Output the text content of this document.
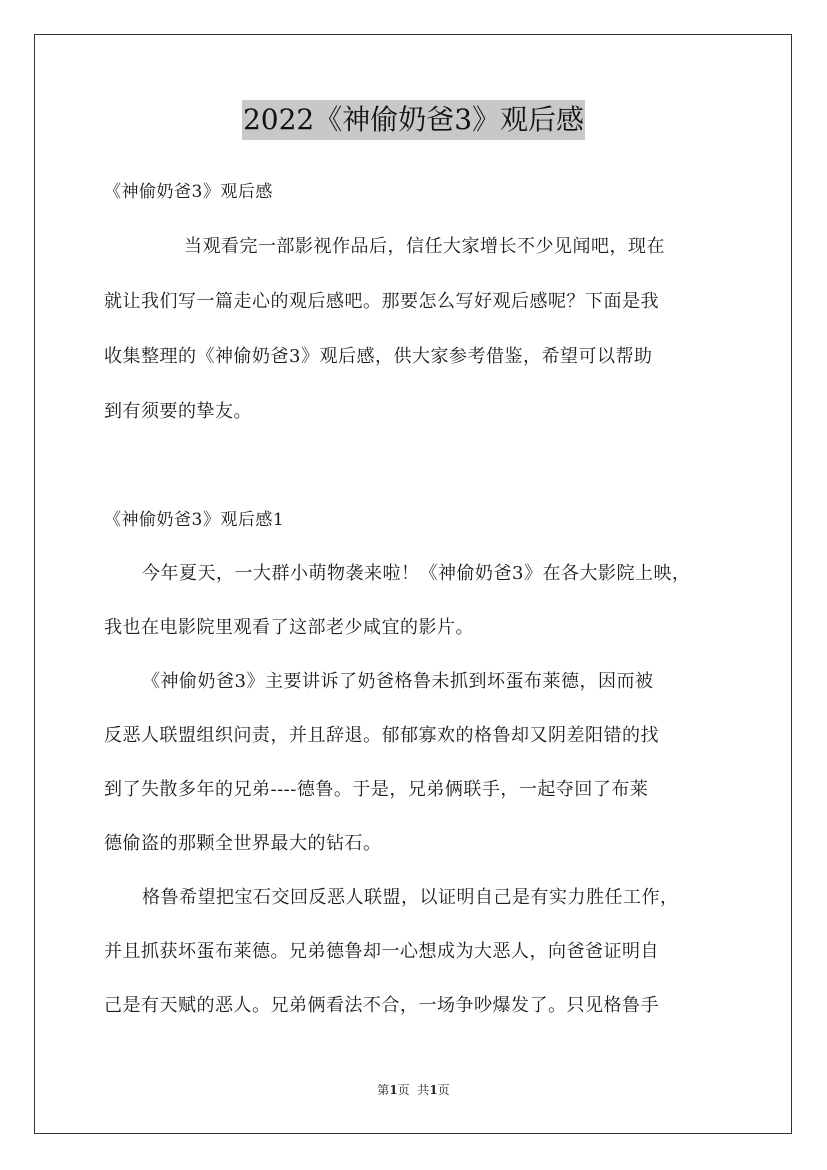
2022《神偷奶爸3》观后感
《神偷奶爸3》观后感
当观看完一部影视作品后，信任大家增长不少见闻吧，现在
就让我们写一篇走心的观后感吧。那要怎么写好观后感呢？下面是我
收集整理的《神偷奶爸3》观后感，供大家参考借鉴，希望可以帮助
到有须要的挚友。
《神偷奶爸3》观后感1
今年夏天，一大群小萌物袭来啦！《神偷奶爸3》在各大影院上映，
我也在电影院里观看了这部老少咸宜的影片。
《神偷奶爸3》主要讲诉了奶爸格鲁未抓到坏蛋布莱德，因而被
反恶人联盟组织问责，并且辞退。郁郁寡欢的格鲁却又阴差阳错的找
到了失散多年的兄弟----德鲁。于是，兄弟俩联手，一起夺回了布莱
德偷盗的那颗全世界最大的钻石。
格鲁希望把宝石交回反恶人联盟，以证明自己是有实力胜任工作，
并且抓获坏蛋布莱德。兄弟德鲁却一心想成为大恶人，向爸爸证明自
己是有天赋的恶人。兄弟俩看法不合，一场争吵爆发了。只见格鲁手
第1页  共1页
